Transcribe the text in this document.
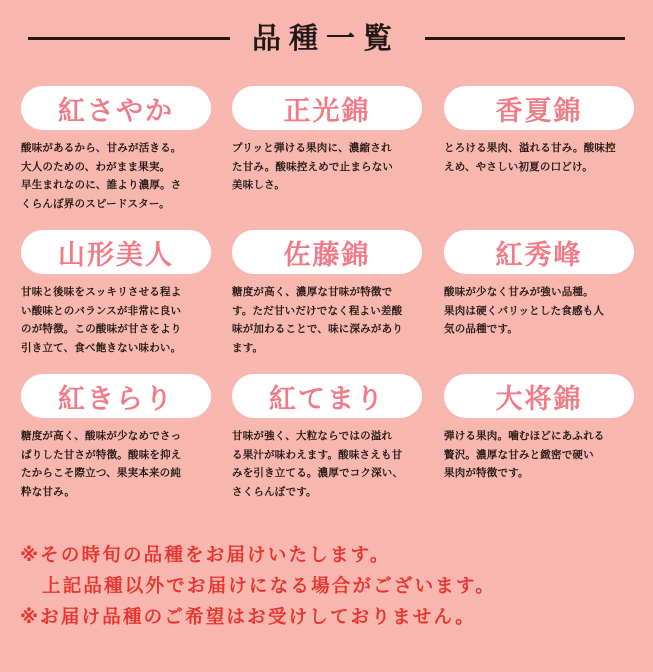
品種一覧
紅さやか
酸味があるから、甘みが活きる。
大人のための、わがまま果実。
早生まれなのに、誰より濃厚。さ
くらんぼ界のスピードスター。
正光錦
プリッと弾ける果肉に、濃縮され
た甘み。酸味控えめで止まらない
美味しさ。
香夏錦
とろける果肉、溢れる甘み。酸味控
えめ、やさしい初夏の口どけ。
山形美人
甘味と後味をスッキリさせる程よ
い酸味とのバランスが非常に良い
のが特徴。この酸味が甘さをより
引き立て、食べ飽きない味わい。
佐藤錦
糖度が高く、濃厚な甘味が特徴で
す。ただ甘いだけでなく程よい差酸
味が加わることで、味に深みがあり
ます。
紅秀峰
酸味が少なく甘みが強い品種。
果肉は硬くパリッとした食感も人
気の品種です。
紅きらり
糖度が高く、酸味が少なめでさっ
ぱりした甘さが特徴。酸味を抑え
たからこそ際立つ、果実本来の純
粋な甘み。
紅てまり
甘味が強く、大粒ならではの溢れ
る果汁が味わえます。酸味さえも甘
みを引き立てる。濃厚でコク深い、
さくらんぼです。
大将錦
弾ける果肉。噛むほどにあふれる
贅沢。濃厚な甘みと緻密で硬い
果肉が特徴です。
※その時旬の品種をお届けいたします。
上記品種以外でお届けになる場合がございます。
※お届け品種のご希望はお受けしておりません。
